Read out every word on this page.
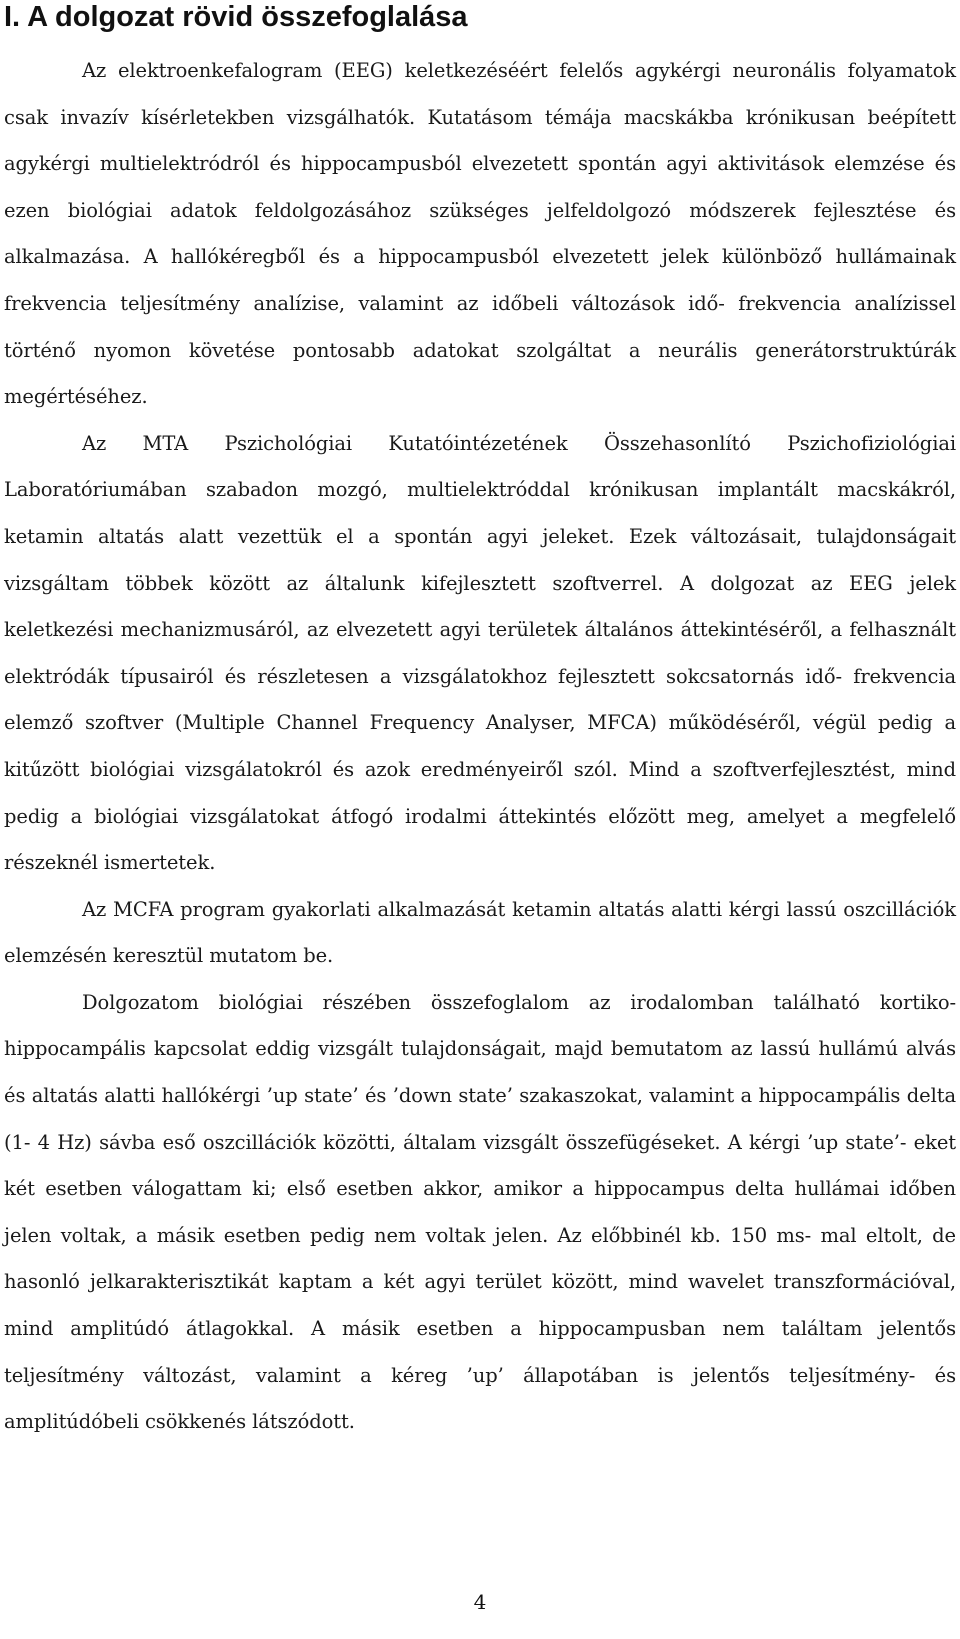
I. A dolgozat rövid összefoglalása

Az elektroenkefalogram (EEG) keletkezéséért felelős agykérgi neuronális folyamatok csak invazív kísérletekben vizsgálhatók. Kutatásom témája macskákba krónikusan beépített agykérgi multielektródról és hippocampusból elvezetett spontán agyi aktivitások elemzése és ezen biológiai adatok feldolgozásához szükséges jelfeldolgozó módszerek fejlesztése és alkalmazása. A hallókéregből és a hippocampusból elvezetett jelek különböző hullámainak frekvencia teljesítmény analízise, valamint az időbeli változások idő- frekvencia analízissel történő nyomon követése pontosabb adatokat szolgáltat a neurális generátorstruktúrák megértéséhez.

Az MTA Pszichológiai Kutatóintézetének Összehasonlító Pszichofiziológiai Laboratóriumában szabadon mozgó, multielektróddal krónikusan implantált macskákról, ketamin altatás alatt vezettük el a spontán agyi jeleket. Ezek változásait, tulajdonságait vizsgáltam többek között az általunk kifejlesztett szoftverrel. A dolgozat az EEG jelek keletkezési mechanizmusáról, az elvezetett agyi területek általános áttekintéséről, a felhasznált elektródák típusairól és részletesen a vizsgálatokhoz fejlesztett sokcsatornás idő- frekvencia elemző szoftver (Multiple Channel Frequency Analyser, MFCA) működéséről, végül pedig a kitűzött biológiai vizsgálatokról és azok eredményeiről szól. Mind a szoftverfejlesztést, mind pedig a biológiai vizsgálatokat átfogó irodalmi áttekintés előzött meg, amelyet a megfelelő részeknél ismertetek.

Az MCFA program gyakorlati alkalmazását ketamin altatás alatti kérgi lassú oszcillációk elemzésén keresztül mutatom be.

Dolgozatom biológiai részében összefoglalom az irodalomban található kortiko- hippocampális kapcsolat eddig vizsgált tulajdonságait, majd bemutatom az lassú hullámú alvás és altatás alatti hallókérgi ’up state’ és ’down state’ szakaszokat, valamint a hippocampális delta (1- 4 Hz) sávba eső oszcillációk közötti, általam vizsgált összefügéseket. A kérgi ’up state’- eket két esetben válogattam ki; első esetben akkor, amikor a hippocampus delta hullámai időben jelen voltak, a másik esetben pedig nem voltak jelen. Az előbbinél kb. 150 ms- mal eltolt, de hasonló jelkarakterisztikát kaptam a két agyi terület között, mind wavelet transzformációval, mind amplitúdó átlagokkal. A másik esetben a hippocampusban nem találtam jelentős teljesítmény változást, valamint a kéreg ’up’ állapotában is jelentős teljesítmény- és amplitúdóbeli csökkenés látszódott.

4
